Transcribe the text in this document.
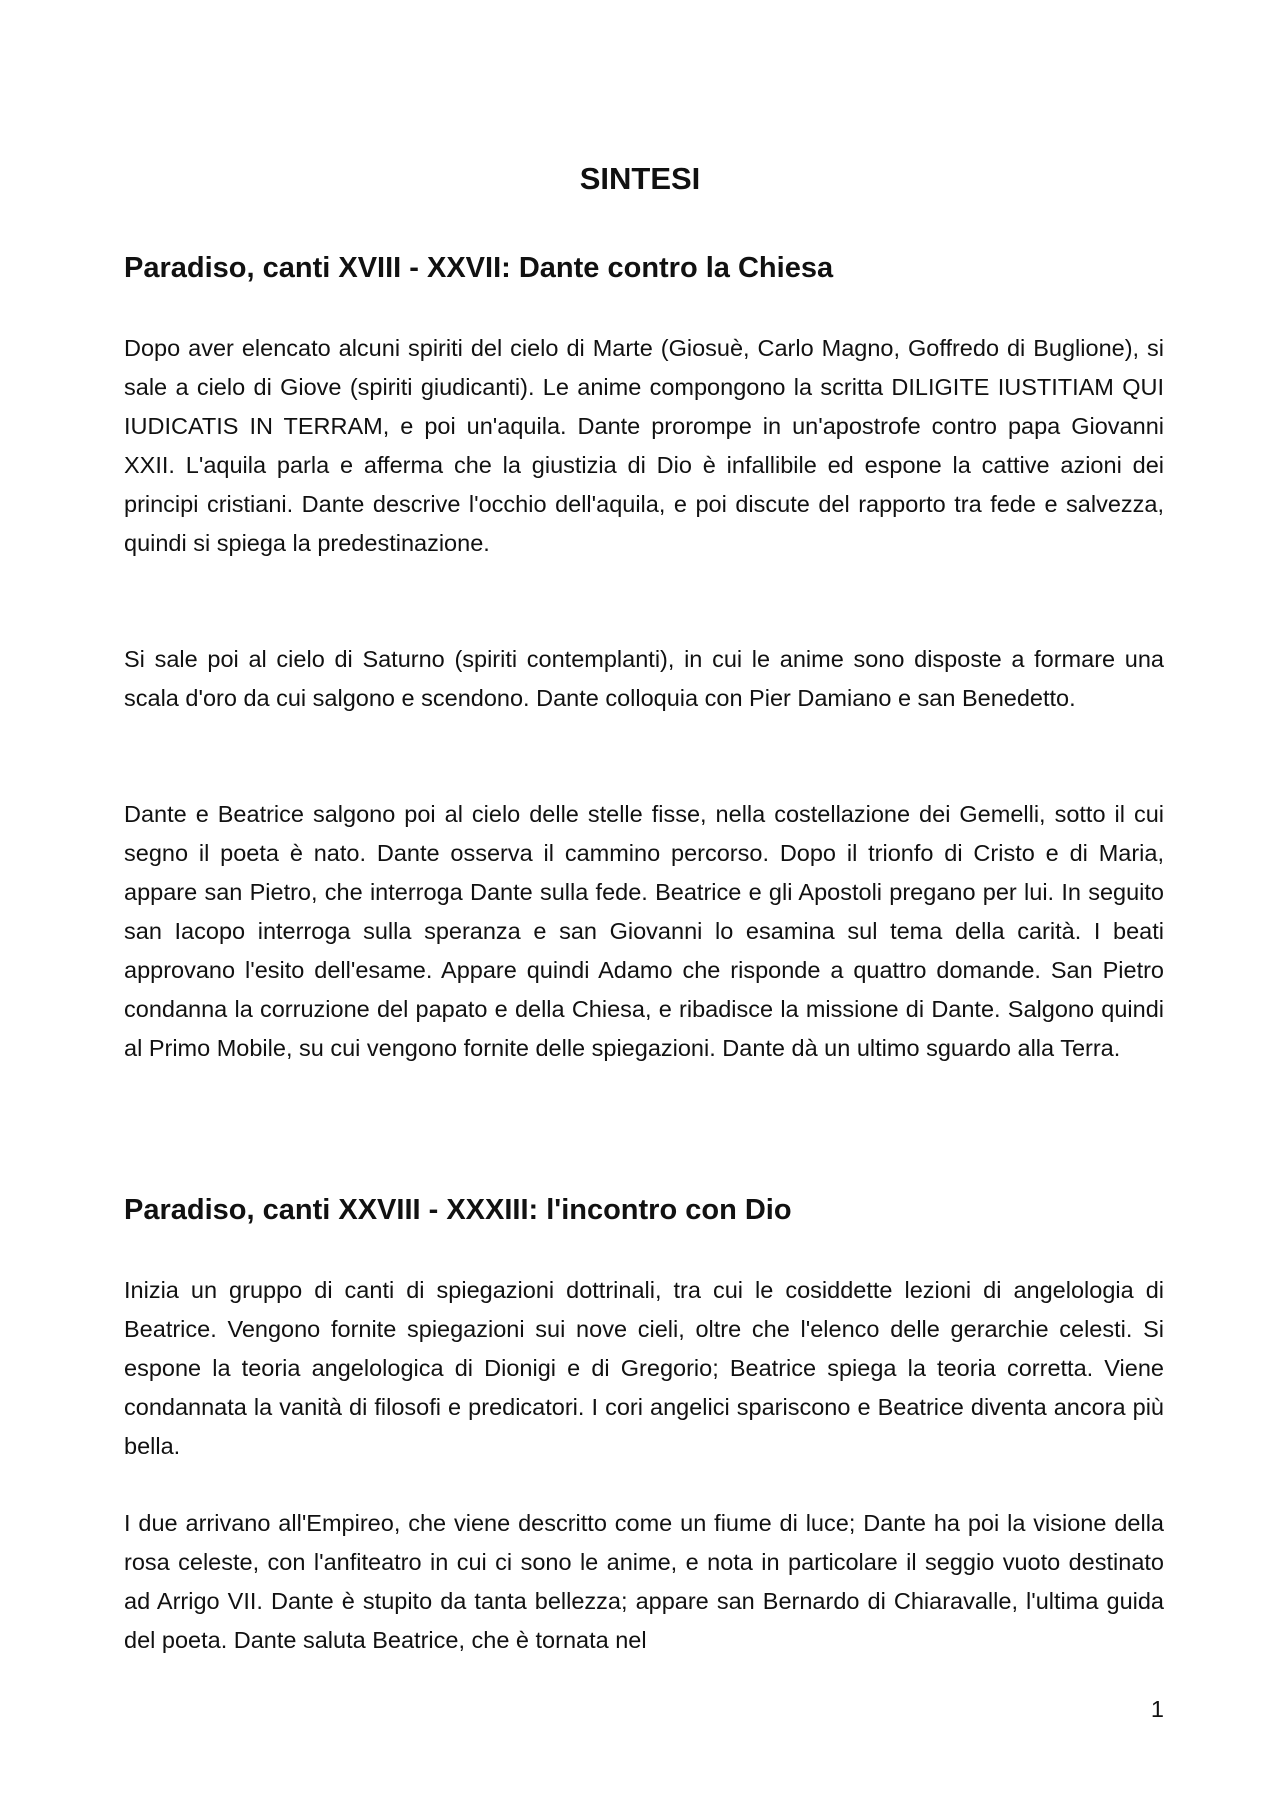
SINTESI
Paradiso, canti XVIII - XXVII: Dante contro la Chiesa

Dopo aver elencato alcuni spiriti del cielo di Marte (Giosuè, Carlo Magno, Goffredo di Buglione), si sale a cielo di Giove (spiriti giudicanti). Le anime compongono la scritta DILIGITE IUSTITIAM QUI IUDICATIS IN TERRAM, e poi un'aquila. Dante prorompe in un'apostrofe contro papa Giovanni XXII. L'aquila parla e afferma che la giustizia di Dio è infallibile ed espone la cattive azioni dei principi cristiani. Dante descrive l'occhio dell'aquila, e poi discute del rapporto tra fede e salvezza, quindi si spiega la predestinazione.

Si sale poi al cielo di Saturno (spiriti contemplanti), in cui le anime sono disposte a formare una scala d'oro da cui salgono e scendono. Dante colloquia con Pier Damiano e san Benedetto.

Dante e Beatrice salgono poi al cielo delle stelle fisse, nella costellazione dei Gemelli, sotto il cui segno il poeta è nato. Dante osserva il cammino percorso. Dopo il trionfo di Cristo e di Maria, appare san Pietro, che interroga Dante sulla fede. Beatrice e gli Apostoli pregano per lui. In seguito san Iacopo interroga sulla speranza e san Giovanni lo esamina sul tema della carità. I beati approvano l'esito dell'esame. Appare quindi Adamo che risponde a quattro domande. San Pietro condanna la corruzione del papato e della Chiesa, e ribadisce la missione di Dante. Salgono quindi al Primo Mobile, su cui vengono fornite delle spiegazioni. Dante dà un ultimo sguardo alla Terra.

Paradiso, canti XXVIII - XXXIII: l'incontro con Dio

Inizia un gruppo di canti di spiegazioni dottrinali, tra cui le cosiddette lezioni di angelologia di Beatrice. Vengono fornite spiegazioni sui nove cieli, oltre che l'elenco delle gerarchie celesti. Si espone la teoria angelologica di Dionigi e di Gregorio; Beatrice spiega la teoria corretta. Viene condannata la vanità di filosofi e predicatori. I cori angelici spariscono e Beatrice diventa ancora più bella.

I due arrivano all'Empireo, che viene descritto come un fiume di luce; Dante ha poi la visione della rosa celeste, con l'anfiteatro in cui ci sono le anime, e nota in particolare il seggio vuoto destinato ad Arrigo VII. Dante è stupito da tanta bellezza; appare san Bernardo di Chiaravalle, l'ultima guida del poeta. Dante saluta Beatrice, che è tornata nel

1
